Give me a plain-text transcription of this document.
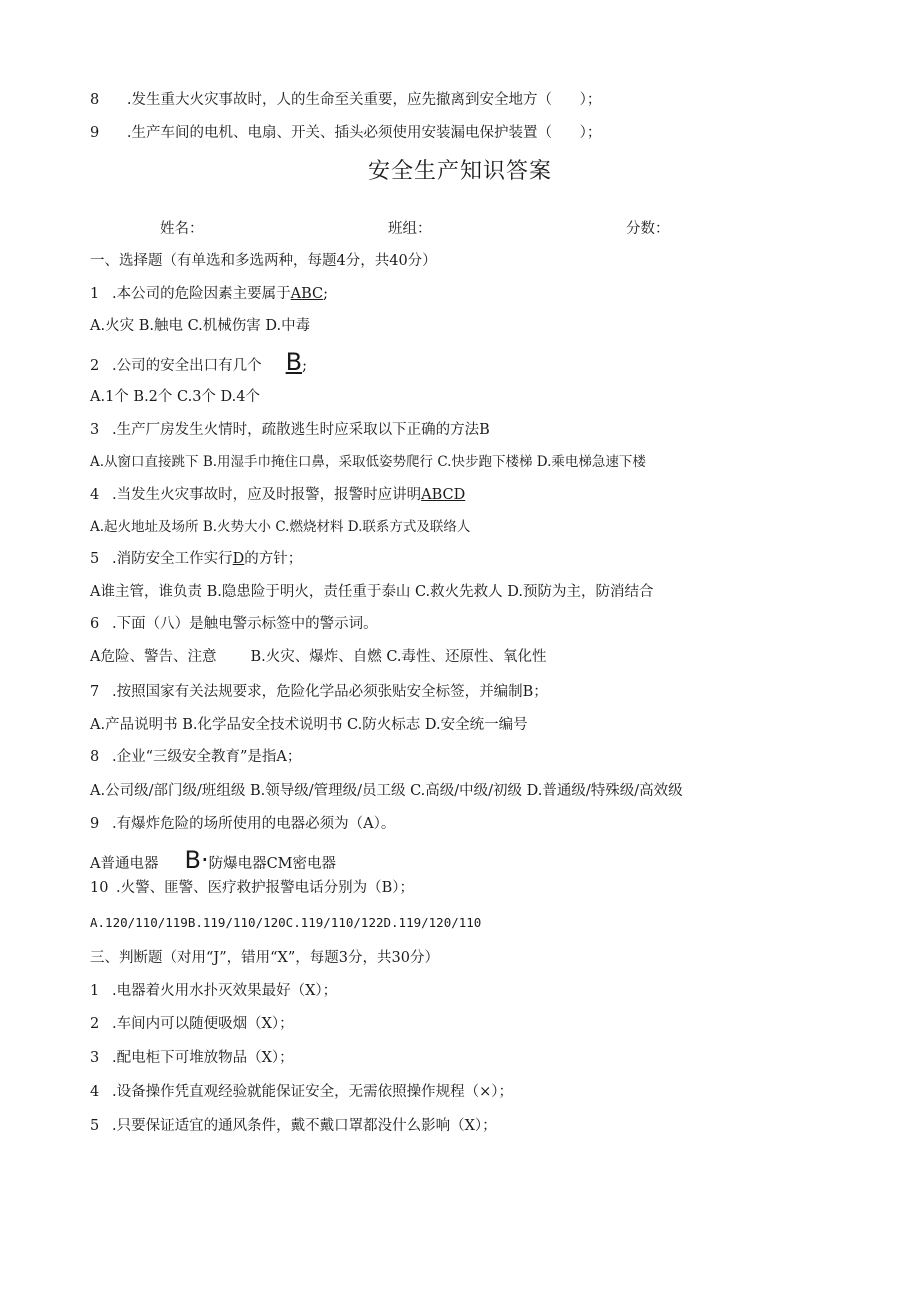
8      .发生重大火灾事故时，人的生命至关重要，应先撤离到安全地方（      ）；
9      .生产车间的电机、电扇、开关、插头必须使用安装漏电保护装置（      ）；
安全生产知识答案
姓名：	班组：	分数：
一、选择题（有单选和多选两种，每题4分，共40分）
1 .本公司的危险因素主要属于ABC;
A.火灾 B.触电 C.机械伤害 D.中毒
2 .公司的安全出口有几个 B;
A.1个 B.2个 C.3个 D.4个
3 .生产厂房发生火情时，疏散逃生时应采取以下正确的方法B
A.从窗口直接跳下 B.用湿手巾掩住口鼻，采取低姿势爬行 C.快步跑下楼梯 D.乘电梯急速下楼
4 .当发生火灾事故时，应及时报警，报警时应讲明ABCD
A.起火地址及场所 B.火势大小 C.燃烧材料 D.联系方式及联络人
5 .消防安全工作实行D的方针；
A谁主管，谁负责 B.隐患险于明火，责任重于泰山 C.救火先救人 D.预防为主，防消结合
6 .下面（八）是触电警示标签中的警示词。
A危险、警告、注意 B.火灾、爆炸、自燃 C.毒性、还原性、氧化性
7 .按照国家有关法规要求，危险化学品必须张贴安全标签，并编制B；
A.产品说明书 B.化学品安全技术说明书 C.防火标志 D.安全统一编号
8 .企业“三级安全教育”是指A；
A.公司级/部门级/班组级 B.领导级/管理级/员工级 C.高级/中级/初级 D.普通级/特殊级/高效级
9 .有爆炸危险的场所使用的电器必须为（A）。
A普通电器 B·防爆电器CM密电器
10 .火警、匪警、医疗救护报警电话分别为（B）；
A.120/110/119B.119/110/120C.119/110/122D.119/120/110
三、判断题（对用“J”，错用“X”，每题3分，共30分）
1 .电器着火用水扑灭效果最好（X）；
2 .车间内可以随便吸烟（X）；
3 .配电柜下可堆放物品（X）；
4 .设备操作凭直观经验就能保证安全，无需依照操作规程（×）；
5 .只要保证适宜的通风条件，戴不戴口罩都没什么影响（X）；
